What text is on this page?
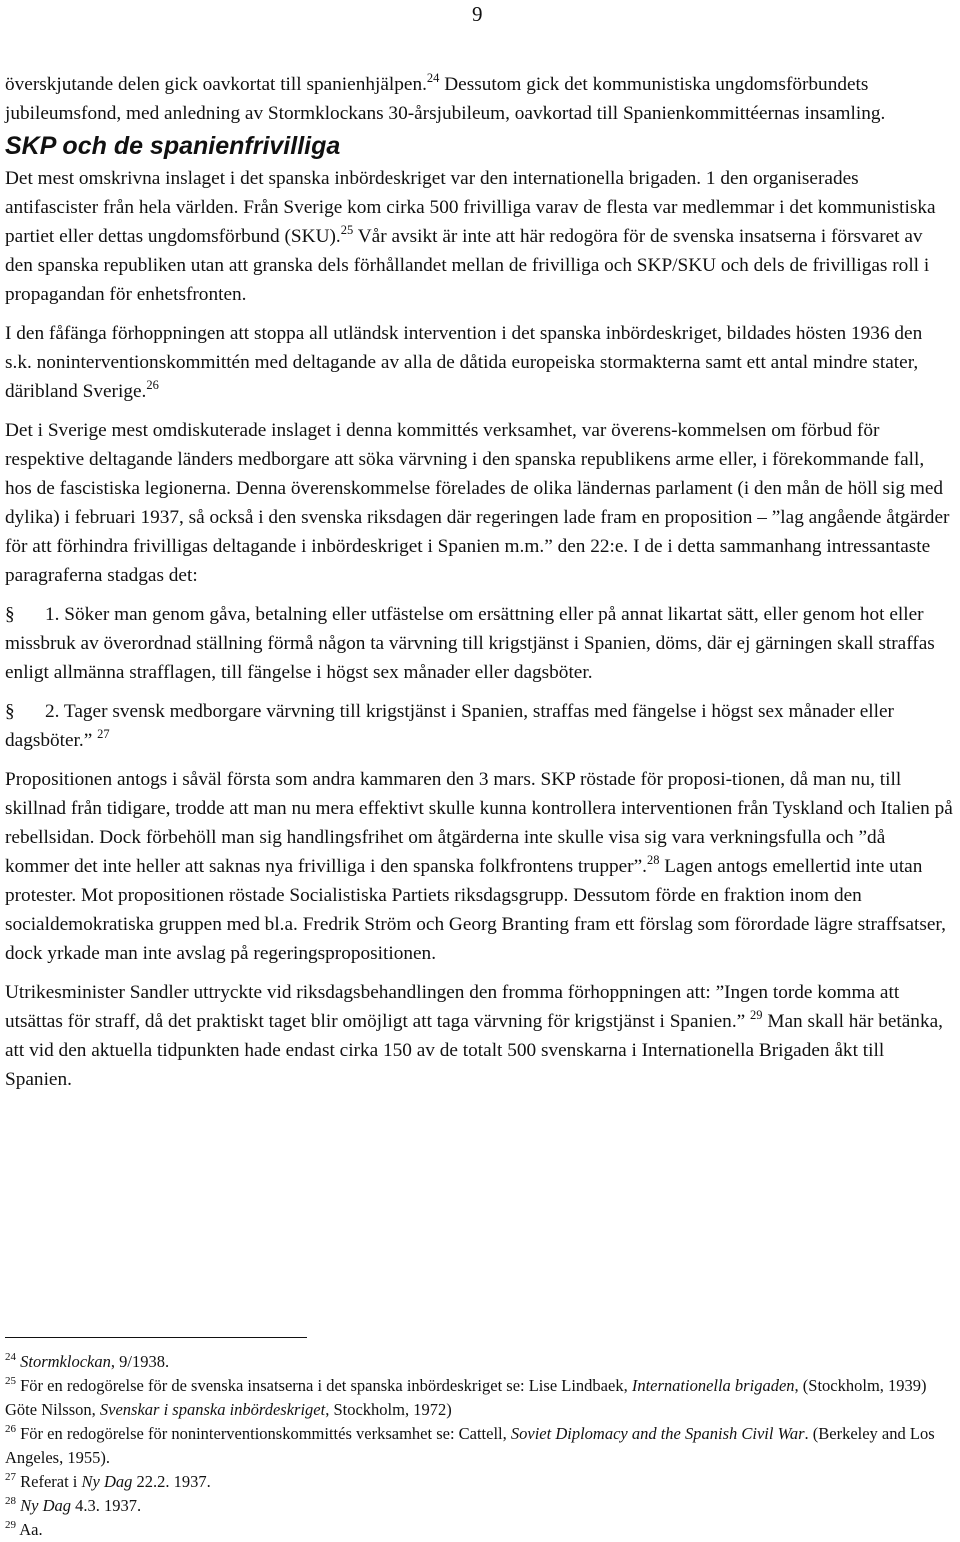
9

överskjutande delen gick oavkortat till spanienhjälpen.$^{24}$ Dessutom gick det kommunistiska ungdomsförbundets jubileumsfond, med anledning av Stormklockans 30-årsjubileum, oavkortad till Spanienkommittéernas insamling.

SKP och de spanienfrivilliga

Det mest omskrivna inslaget i det spanska inbördeskriget var den internationella brigaden. 1 den organiserades antifascister från hela världen. Från Sverige kom cirka 500 frivilliga varav de flesta var medlemmar i det kommunistiska partiet eller dettas ungdomsförbund (SKU).$^{25}$ Vår avsikt är inte att här redogöra för de svenska insatserna i försvaret av den spanska republiken utan att granska dels förhållandet mellan de frivilliga och SKP/SKU och dels de frivilligas roll i propagandan för enhetsfronten.

I den fåfänga förhoppningen att stoppa all utländsk intervention i det spanska inbördeskriget, bildades hösten 1936 den s.k. noninterventionskommittén med deltagande av alla de dåtida europeiska stormakterna samt ett antal mindre stater, däribland Sverige.$^{26}$

Det i Sverige mest omdiskuterade inslaget i denna kommittés verksamhet, var överens-kommelsen om förbud för respektive deltagande länders medborgare att söka värvning i den spanska republikens arme eller, i förekommande fall, hos de fascistiska legionerna. Denna överenskommelse förelades de olika ländernas parlament (i den mån de höll sig med dylika) i februari 1937, så också i den svenska riksdagen där regeringen lade fram en proposition – ”lag angående åtgärder för att förhindra frivilligas deltagande i inbördeskriget i Spanien m.m.” den 22:e. I de i detta sammanhang intressantaste paragraferna stadgas det:

§1. Söker man genom gåva, betalning eller utfästelse om ersättning eller på annat likartat sätt, eller genom hot eller missbruk av överordnad ställning förmå någon ta värvning till krigstjänst i Spanien, döms, där ej gärningen skall straffas enligt allmänna strafflagen, till fängelse i högst sex månader eller dagsböter.

§2. Tager svensk medborgare värvning till krigstjänst i Spanien, straffas med fängelse i högst sex månader eller dagsböter.” $^{27}$

Propositionen antogs i såväl första som andra kammaren den 3 mars. SKP röstade för proposi-tionen, då man nu, till skillnad från tidigare, trodde att man nu mera effektivt skulle kunna kontrollera interventionen från Tyskland och Italien på rebellsidan. Dock förbehöll man sig handlingsfrihet om åtgärderna inte skulle visa sig vara verkningsfulla och ”då kommer det inte heller att saknas nya frivilliga i den spanska folkfrontens trupper”.$^{28}$ Lagen antogs emellertid inte utan protester. Mot propositionen röstade Socialistiska Partiets riksdagsgrupp. Dessutom förde en fraktion inom den socialdemokratiska gruppen med bl.a. Fredrik Ström och Georg Branting fram ett förslag som förordade lägre straffsatser, dock yrkade man inte avslag på regeringspropositionen.

Utrikesminister Sandler uttryckte vid riksdagsbehandlingen den fromma förhoppningen att: ”Ingen torde komma att utsättas för straff, då det praktiskt taget blir omöjligt att taga värvning för krigstjänst i Spanien.” $^{29}$ Man skall här betänka, att vid den aktuella tidpunkten hade endast cirka 150 av de totalt 500 svenskarna i Internationella Brigaden åkt till Spanien.

$^{24}$ Stormklockan, 9/1938.
$^{25}$ För en redogörelse för de svenska insatserna i det spanska inbördeskriget se: Lise Lindbaek, Internationella brigaden, (Stockholm, 1939) Göte Nilsson, Svenskar i spanska inbördeskriget, Stockholm, 1972)
$^{26}$ För en redogörelse för noninterventionskommittés verksamhet se: Cattell, Soviet Diplomacy and the Spanish Civil War. (Berkeley and Los Angeles, 1955).
$^{27}$ Referat i Ny Dag 22.2. 1937.
$^{28}$ Ny Dag 4.3. 1937.
$^{29}$ Aa.
